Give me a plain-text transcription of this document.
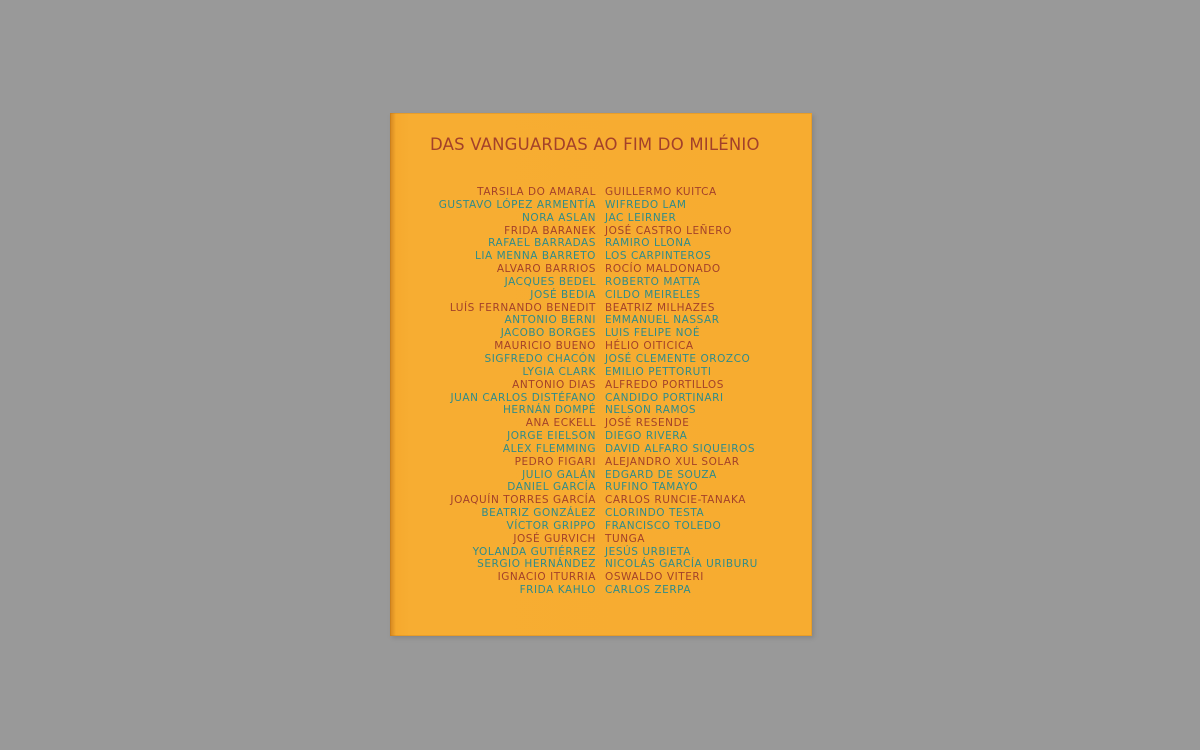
DAS VANGUARDAS AO FIM DO MILÉNIO
TARSILA DO AMARAL GUILLERMO KUITCA
GUSTAVO LÓPEZ ARMENTÍA WIFREDO LAM
NORA ASLAN JAC LEIRNER
FRIDA BARANEK JOSÉ CASTRO LEÑERO
RAFAEL BARRADAS RAMIRO LLONA
LIA MENNA BARRETO LOS CARPINTEROS
ALVARO BARRIOS ROCÍO MALDONADO
JACQUES BEDEL ROBERTO MATTA
JOSÉ BEDIA CILDO MEIRELES
LUÍS FERNANDO BENEDIT BEATRIZ MILHAZES
ANTONIO BERNI EMMANUEL NASSAR
JACOBO BORGES LUIS FELIPE NOÉ
MAURICIO BUENO HÉLIO OITICICA
SIGFREDO CHACÓN JOSÉ CLEMENTE OROZCO
LYGIA CLARK EMILIO PETTORUTI
ANTONIO DIAS ALFREDO PORTILLOS
JUAN CARLOS DISTÉFANO CANDIDO PORTINARI
HERNÁN DOMPÉ NELSON RAMOS
ANA ECKELL JOSÉ RESENDE
JORGE EIELSON DIEGO RIVERA
ALEX FLEMMING DAVID ALFARO SIQUEIROS
PEDRO FIGARI ALEJANDRO XUL SOLAR
JULIO GALÁN EDGARD DE SOUZA
DANIEL GARCÍA RUFINO TAMAYO
JOAQUÍN TORRES GARCÍA CARLOS RUNCIE-TANAKA
BEATRIZ GONZÁLEZ CLORINDO TESTA
VÍCTOR GRIPPO FRANCISCO TOLEDO
JOSÉ GURVICH TUNGA
YOLANDA GUTIÉRREZ JESÚS URBIETA
SERGIO HERNÁNDEZ NICOLÁS GARCÍA URIBURU
IGNACIO ITURRIA OSWALDO VITERI
FRIDA KAHLO CARLOS ZERPA
